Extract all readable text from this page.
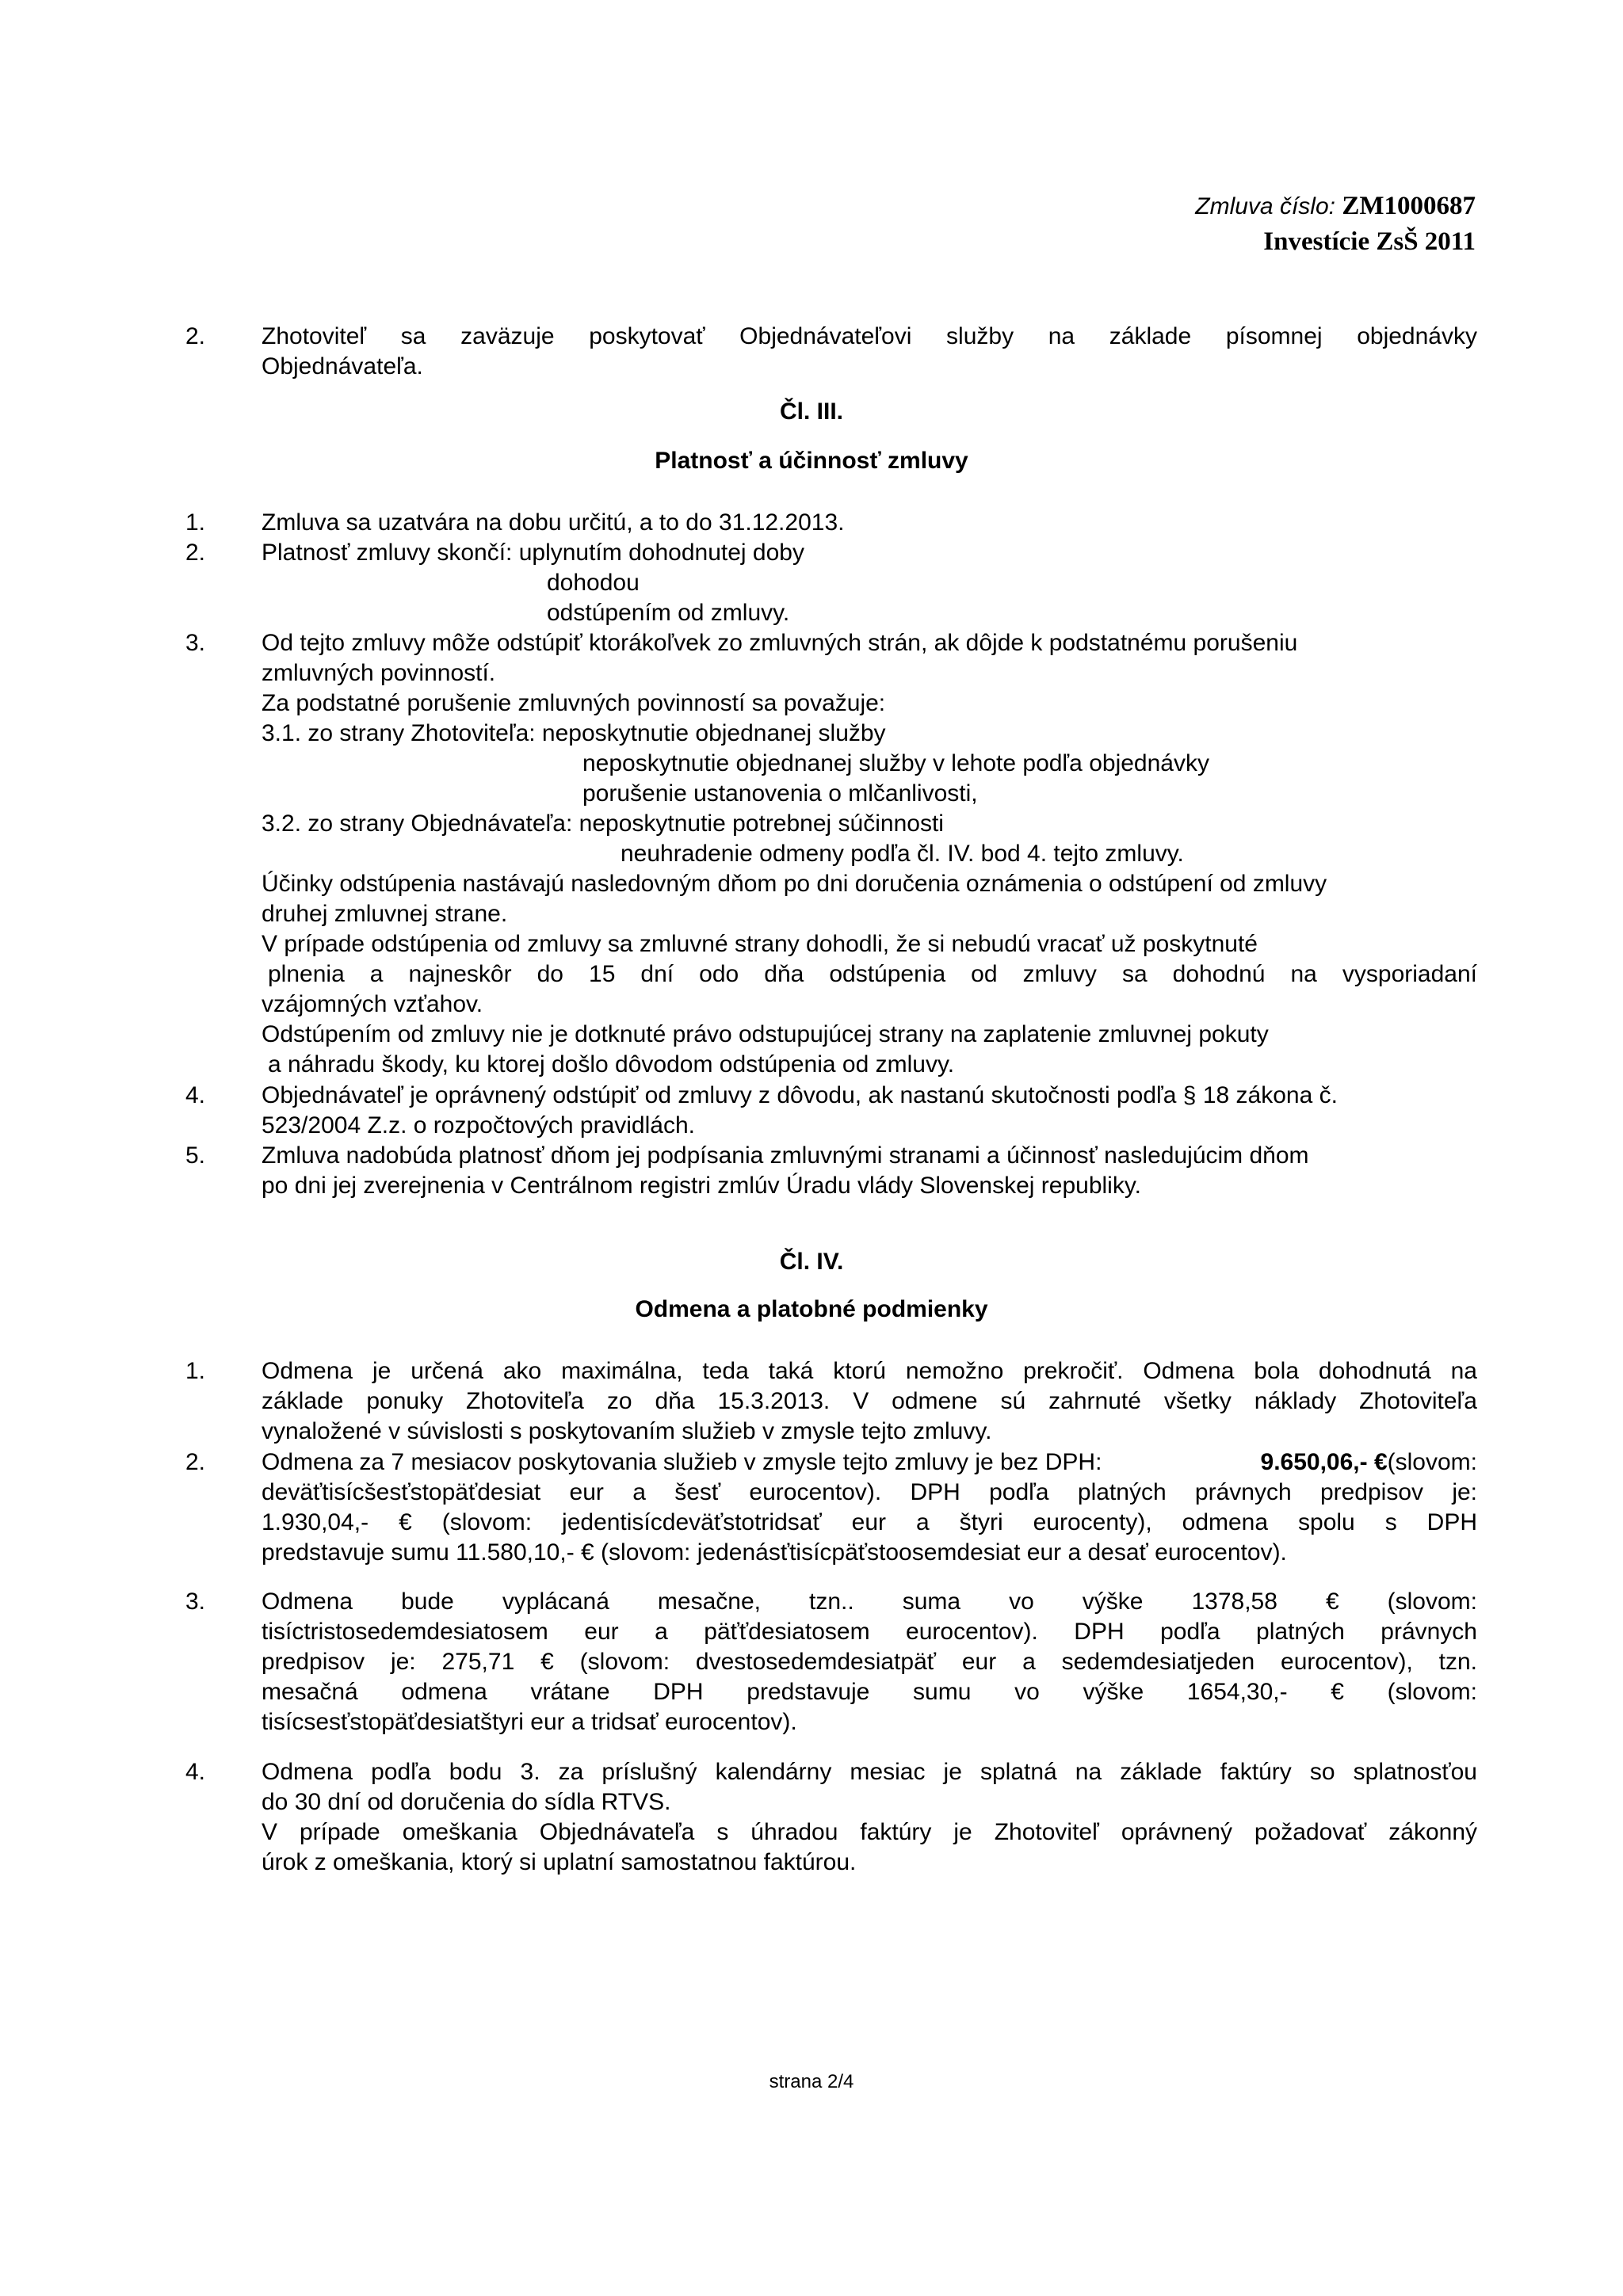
Zmluva číslo: ZM1000687
Investície ZsŠ 2011
2. Zhotoviteľ sa zaväzuje poskytovať Objednávateľovi služby na základe písomnej objednávky
Objednávateľa.
Čl. III.
Platnosť a účinnosť zmluvy
1. Zmluva sa uzatvára na dobu určitú, a to do 31.12.2013.
2. Platnosť zmluvy skončí: uplynutím dohodnutej doby
dohodou
odstúpením od zmluvy.
3. Od tejto zmluvy môže odstúpiť ktorákoľvek zo zmluvných strán, ak dôjde k podstatnému porušeniu
zmluvných povinností.
Za podstatné porušenie zmluvných povinností sa považuje:
3.1. zo strany Zhotoviteľa: neposkytnutie objednanej služby
neposkytnutie objednanej služby v lehote podľa objednávky
porušenie ustanovenia o mlčanlivosti,
3.2. zo strany Objednávateľa: neposkytnutie potrebnej súčinnosti
neuhradenie odmeny podľa čl. IV. bod 4. tejto zmluvy.
Účinky odstúpenia nastávajú nasledovným dňom po dni doručenia oznámenia o odstúpení od zmluvy
druhej zmluvnej strane.
V prípade odstúpenia od zmluvy sa zmluvné strany dohodli, že si nebudú vracať už poskytnuté
plnenia a najneskôr do 15 dní odo dňa odstúpenia od zmluvy sa dohodnú na vysporiadaní
vzájomných vzťahov.
Odstúpením od zmluvy nie je dotknuté právo odstupujúcej strany na zaplatenie zmluvnej pokuty
a náhradu škody, ku ktorej došlo dôvodom odstúpenia od zmluvy.
4. Objednávateľ je oprávnený odstúpiť od zmluvy z dôvodu, ak nastanú skutočnosti podľa § 18 zákona č.
523/2004 Z.z. o rozpočtových pravidlách.
5. Zmluva nadobúda platnosť dňom jej podpísania zmluvnými stranami a účinnosť nasledujúcim dňom
po dni jej zverejnenia v Centrálnom registri zmlúv Úradu vlády Slovenskej republiky.
Čl. IV.
Odmena a platobné podmienky
1. Odmena je určená ako maximálna, teda taká ktorú nemožno prekročiť. Odmena bola dohodnutá na
základe ponuky Zhotoviteľa zo dňa 15.3.2013. V odmene sú zahrnuté všetky náklady Zhotoviteľa
vynaložené v súvislosti s poskytovaním služieb v zmysle tejto zmluvy.
2. Odmena za 7 mesiacov poskytovania služieb v zmysle tejto zmluvy je bez DPH:	9.650,06,- €(slovom:
deväťtisícšesťstopäťdesiat eur a šesť eurocentov). DPH podľa platných právnych predpisov je:
1.930,04,- € (slovom: jedentisícdeväťstotridsať eur a štyri eurocenty), odmena spolu s DPH
predstavuje sumu 11.580,10,- € (slovom: jedenásťtisícpäťstoosemdesiat eur a desať eurocentov).
3. Odmena bude vyplácaná mesačne, tzn.. suma vo výške 1378,58 € (slovom:
tisíctristosedemdesiatosem eur a päťťdesiatosem eurocentov). DPH podľa platných právnych
predpisov je: 275,71 € (slovom: dvestosedemdesiatpäť eur a sedemdesiatjeden eurocentov), tzn.
mesačná odmena vrátane DPH predstavuje sumu vo výške 1654,30,- € (slovom:
tisícsesťstopäťdesiatštyri eur a tridsať eurocentov).
4. Odmena podľa bodu 3. za príslušný kalendárny mesiac je splatná na základe faktúry so splatnosťou
do 30 dní od doručenia do sídla RTVS.
V prípade omeškania Objednávateľa s úhradou faktúry je Zhotoviteľ oprávnený požadovať zákonný
úrok z omeškania, ktorý si uplatní samostatnou faktúrou.
strana 2/4
